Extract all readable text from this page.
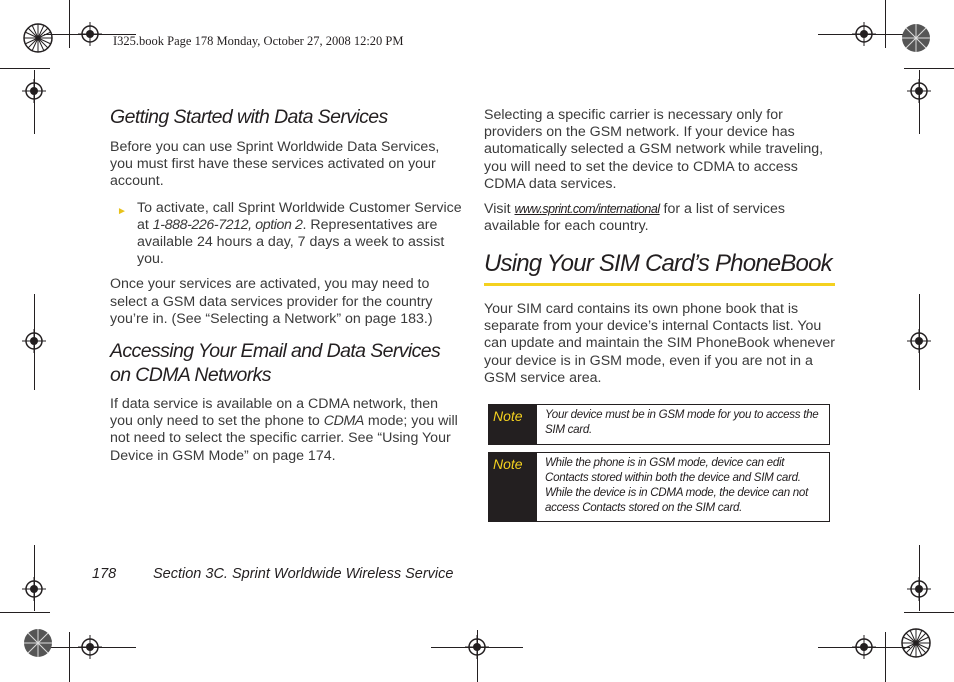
I325.book Page 178 Monday, October 27, 2008 12:20 PM
Getting Started with Data Services

Before you can use Sprint Worldwide Data Services, you must first have these services activated on your account.

► To activate, call Sprint Worldwide Customer Service at 1-888-226-7212, option 2. Representatives are available 24 hours a day, 7 days a week to assist you.

Once your services are activated, you may need to select a GSM data services provider for the country you’re in. (See “Selecting a Network” on page 183.)

Accessing Your Email and Data Services
on CDMA Networks

If data service is available on a CDMA network, then you only need to set the phone to CDMA mode; you will not need to select the specific carrier. See “Using Your Device in GSM Mode” on page 174.

Selecting a specific carrier is necessary only for providers on the GSM network. If your device has automatically selected a GSM network while traveling, you will need to set the device to CDMA to access CDMA data services.

Visit www.sprint.com/international for a list of services available for each country.

Using Your SIM Card’s PhoneBook

Your SIM card contains its own phone book that is separate from your device’s internal Contacts list. You can update and maintain the SIM PhoneBook whenever your device is in GSM mode, even if you are not in a GSM service area.

Note	Your device must be in GSM mode for you to access the SIM card.
Note	While the phone is in GSM mode, device can edit Contacts stored within both the device and SIM card. While the device is in CDMA mode, the device can not access Contacts stored on the SIM card.
178	Section 3C. Sprint Worldwide Wireless Service
